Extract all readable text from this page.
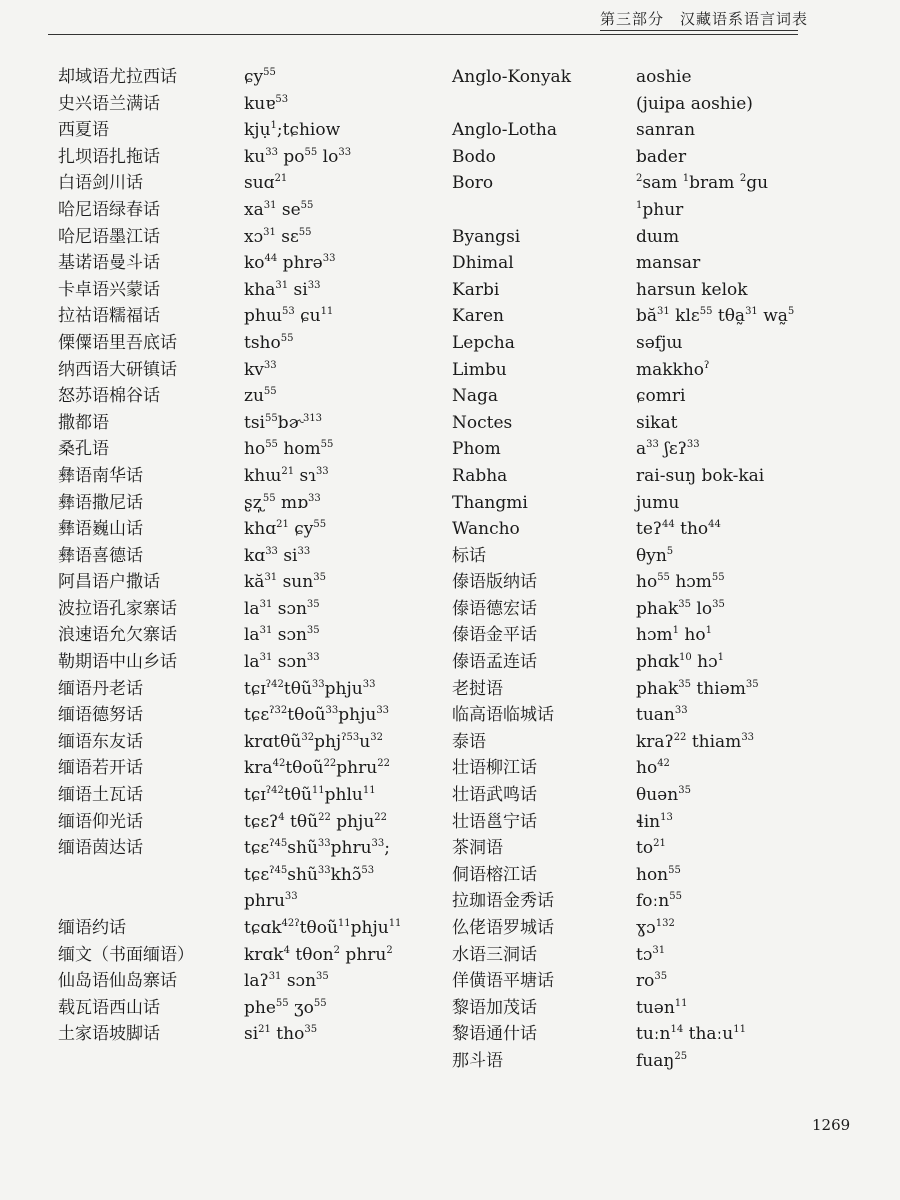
第三部分　汉藏语系语言词表
却域语尤拉西话
史兴语兰满话
西夏语
扎坝语扎拖话
白语剑川话
哈尼语绿春话
哈尼语墨江话
基诺语曼斗话
卡卓语兴蒙话
拉祜语糯福话
傈僳语里吾底话
纳西语大研镇话
怒苏语棉谷话
撒都语
桑孔语
彝语南华话
彝语撒尼话
彝语巍山话
彝语喜德话
阿昌语户撒话
波拉语孔家寨话
浪速语允欠寨话
勒期语中山乡话
缅语丹老话
缅语德努话
缅语东友话
缅语若开话
缅语土瓦话
缅语仰光话
缅语茵达话
缅语约话
缅文（书面缅语）
仙岛语仙岛寨话
载瓦语西山话
土家语坡脚话
ɕy$^{55}$
kuɐ$^{53}$
kjụ$^1$;tɕhiow
$ku^{33}$ $po^{55}$ $lo^{33}$
suɑ$^{21}$
$xa^{31}$ $se^{55}$
xɔ$^{31}$ sɛ$^{55}$
$ko^{44}$ phrə$^{33}$
kha$^{31}$ $si^{33}$
phɯ$^{53}$ ɕu$^{11}$
tsho$^{55}$
$kv^{33}$
$zu^{55}$
tsi$^{55}$bɚ$^{313}$
$ho^{55}$ hom$^{55}$
khɯ$^{21}$ sɿ$^{33}$
ʂʐ̩$^{55}$ mɒ$^{33}$
khɑ$^{21}$ ɕy$^{55}$
kɑ$^{33}$ $si^{33}$
$kă^{31}$ sun$^{35}$
$la^{31}$ sɔn$^{35}$
$la^{31}$ sɔn$^{35}$
$la^{31}$ sɔn$^{33}$
tɕɪ$^{ʔ42}$tθũ$^{33}$phju$^{33}$
tɕɛ$^{ʔ32}$tθoũ$^{33}$phju$^{33}$
$krɑt\theta ũ^{32}phj^{ʔ53}u^{32}$
kra$^{42}$tθoũ$^{22}$phru$^{22}$
tɕɪ$^{ʔ42}$tθũ$^{11}$phlu$^{11}$
tɕɛʔ$^4$ tθũ$^{22}$ phju$^{22}$
tɕɛ$^{ʔ45}$shũ$^{33}$phru$^{33}$;
tɕɛ$^{ʔ45}$shũ$^{33}$khɔ̃$^{53}$
phru$^{33}$
tɕɑk$^{42ʔ}$tθoũ$^{11}$phju$^{11}$
krɑk$^4$ tθon$^2$ phru$^2$
laʔ$^{31}$ sɔn$^{35}$
phe$^{55}$ ʒo$^{55}$
$si^{21}$ tho$^{35}$
Anglo-Konyak
Anglo-Lotha
Bodo
Boro
Byangsi
Dhimal
Karbi
Karen
Lepcha
Limbu
Naga
Noctes
Phom
Rabha
Thangmi
Wancho
标话
傣语版纳话
傣语德宏话
傣语金平话
傣语孟连话
老挝语
临高语临城话
泰语
壮语柳江话
壮语武鸣话
壮语邕宁话
茶洞语
侗语榕江话
拉珈语金秀话
仫佬语罗城话
水语三洞话
佯僙语平塘话
黎语加茂话
黎语通什话
那斗语
aoshie
(juipa aoshie)
sanran
bader
$^2$sam $^1$bram $^2$gu
$^1$phur
dɯm
mansar
harsun kelok
$bă^{31}$ klɛ$^{55}$ tθa̰$^{31}$ wa̰$^5$
səfjɯ
makkho$^ʔ$
ɕomri
sikat
$a^{33}$ ʃɛʔ$^{33}$
rai-suŋ bok-kai
jumu
teʔ$^{44}$ tho$^{44}$
θyn$^5$
$ho^{55}$ hɔm$^{55}$
phak$^{35}$ $lo^{35}$
hɔm$^1$ $ho^1$
phɑk$^{10}$ hɔ$^1$
phak$^{35}$ thiəm$^{35}$
tuan$^{33}$
kraʔ$^{22}$ thiam$^{33}$
$ho^{42}$
θuən$^{35}$
ɬin$^{13}$
$to^{21}$
hon$^{55}$
foːn$^{55}$
ɣɔ$^{132}$
tɔ$^{31}$
$ro^{35}$
tuən$^{11}$
tuːn$^{14}$ thaːu$^{11}$
fuaŋ$^{25}$
1269
